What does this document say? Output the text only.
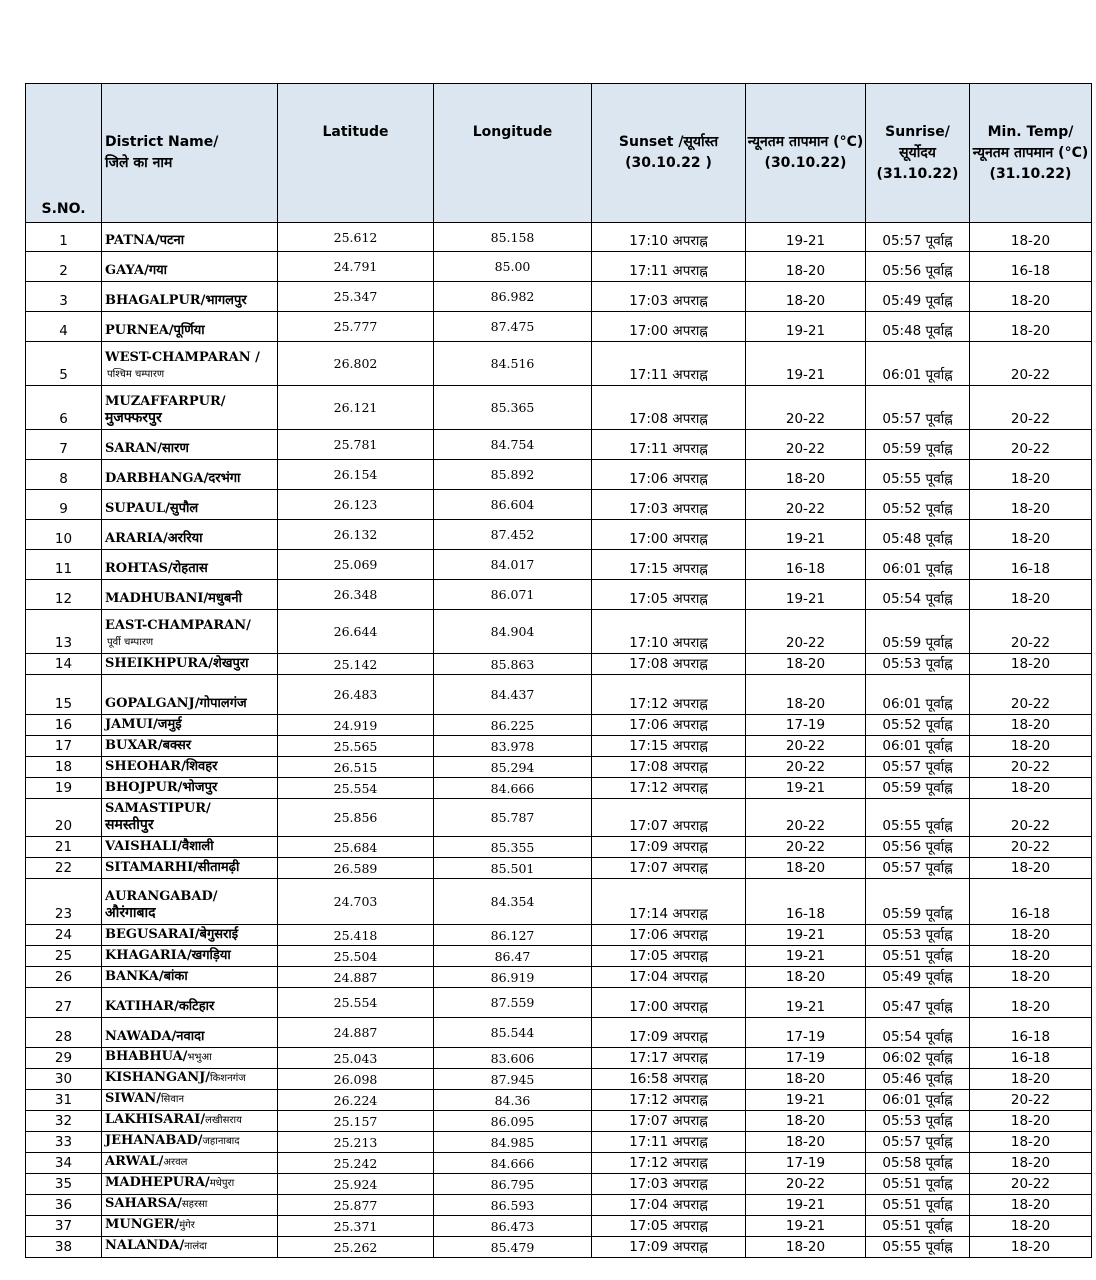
S.NO.	District Name/
जिले का नाम	Latitude	Longitude	Sunset /सूर्यास्त (30.10.22 )	न्यूनतम तापमान (°C) (30.10.22)	Sunrise/ सूर्योदय (31.10.22)	Min. Temp/ न्यूनतम तापमान (°C) (31.10.22)
1	PATNA/पटना	25.612	85.158	17:10 अपराह्न	19-21	05:57 पूर्वाह्न	18-20
2	GAYA/गया	24.791	85.00	17:11 अपराह्न	18-20	05:56 पूर्वाह्न	16-18
3	BHAGALPUR/भागलपुर	25.347	86.982	17:03 अपराह्न	18-20	05:49 पूर्वाह्न	18-20
4	PURNEA/पूर्णिया	25.777	87.475	17:00 अपराह्न	19-21	05:48 पूर्वाह्न	18-20
5	WEST-CHAMPARAN /
पश्चिम चम्पारण	26.802	84.516	17:11 अपराह्न	19-21	06:01 पूर्वाह्न	20-22
6	MUZAFFARPUR/
मुजफ्फरपुर	26.121	85.365	17:08 अपराह्न	20-22	05:57 पूर्वाह्न	20-22
7	SARAN/सारण	25.781	84.754	17:11 अपराह्न	20-22	05:59 पूर्वाह्न	20-22
8	DARBHANGA/दरभंगा	26.154	85.892	17:06 अपराह्न	18-20	05:55 पूर्वाह्न	18-20
9	SUPAUL/सुपौल	26.123	86.604	17:03 अपराह्न	20-22	05:52 पूर्वाह्न	18-20
10	ARARIA/अररिया	26.132	87.452	17:00 अपराह्न	19-21	05:48 पूर्वाह्न	18-20
11	ROHTAS/रोहतास	25.069	84.017	17:15 अपराह्न	16-18	06:01 पूर्वाह्न	16-18
12	MADHUBANI/मधुबनी	26.348	86.071	17:05 अपराह्न	19-21	05:54 पूर्वाह्न	18-20
13	EAST-CHAMPARAN/
पूर्वी चम्पारण	26.644	84.904	17:10 अपराह्न	20-22	05:59 पूर्वाह्न	20-22
14	SHEIKHPURA/शेखपुरा	25.142	85.863	17:08 अपराह्न	18-20	05:53 पूर्वाह्न	18-20
15	GOPALGANJ/गोपालगंज	26.483	84.437	17:12 अपराह्न	18-20	06:01 पूर्वाह्न	20-22
16	JAMUI/जमुई	24.919	86.225	17:06 अपराह्न	17-19	05:52 पूर्वाह्न	18-20
17	BUXAR/बक्सर	25.565	83.978	17:15 अपराह्न	20-22	06:01 पूर्वाह्न	18-20
18	SHEOHAR/शिवहर	26.515	85.294	17:08 अपराह्न	20-22	05:57 पूर्वाह्न	20-22
19	BHOJPUR/भोजपुर	25.554	84.666	17:12 अपराह्न	19-21	05:59 पूर्वाह्न	18-20
20	SAMASTIPUR/
समस्तीपुर	25.856	85.787	17:07 अपराह्न	20-22	05:55 पूर्वाह्न	20-22
21	VAISHALI/वैशाली	25.684	85.355	17:09 अपराह्न	20-22	05:56 पूर्वाह्न	20-22
22	SITAMARHI/सीतामढ़ी	26.589	85.501	17:07 अपराह्न	18-20	05:57 पूर्वाह्न	18-20
23	AURANGABAD/
औरंगाबाद	24.703	84.354	17:14 अपराह्न	16-18	05:59 पूर्वाह्न	16-18
24	BEGUSARAI/बेगुसराई	25.418	86.127	17:06 अपराह्न	19-21	05:53 पूर्वाह्न	18-20
25	KHAGARIA/खगड़िया	25.504	86.47	17:05 अपराह्न	19-21	05:51 पूर्वाह्न	18-20
26	BANKA/बांका	24.887	86.919	17:04 अपराह्न	18-20	05:49 पूर्वाह्न	18-20
27	KATIHAR/कटिहार	25.554	87.559	17:00 अपराह्न	19-21	05:47 पूर्वाह्न	18-20
28	NAWADA/नवादा	24.887	85.544	17:09 अपराह्न	17-19	05:54 पूर्वाह्न	16-18
29	BHABHUA/भभुआ	25.043	83.606	17:17 अपराह्न	17-19	06:02 पूर्वाह्न	16-18
30	KISHANGANJ/किशनगंज	26.098	87.945	16:58 अपराह्न	18-20	05:46 पूर्वाह्न	18-20
31	SIWAN/सिवान	26.224	84.36	17:12 अपराह्न	19-21	06:01 पूर्वाह्न	20-22
32	LAKHISARAI/लखीसराय	25.157	86.095	17:07 अपराह्न	18-20	05:53 पूर्वाह्न	18-20
33	JEHANABAD/जहानाबाद	25.213	84.985	17:11 अपराह्न	18-20	05:57 पूर्वाह्न	18-20
34	ARWAL/अरवल	25.242	84.666	17:12 अपराह्न	17-19	05:58 पूर्वाह्न	18-20
35	MADHEPURA/मधेपुरा	25.924	86.795	17:03 अपराह्न	20-22	05:51 पूर्वाह्न	20-22
36	SAHARSA/सहरसा	25.877	86.593	17:04 अपराह्न	19-21	05:51 पूर्वाह्न	18-20
37	MUNGER/मुंगेर	25.371	86.473	17:05 अपराह्न	19-21	05:51 पूर्वाह्न	18-20
38	NALANDA/नालंदा	25.262	85.479	17:09 अपराह्न	18-20	05:55 पूर्वाह्न	18-20
